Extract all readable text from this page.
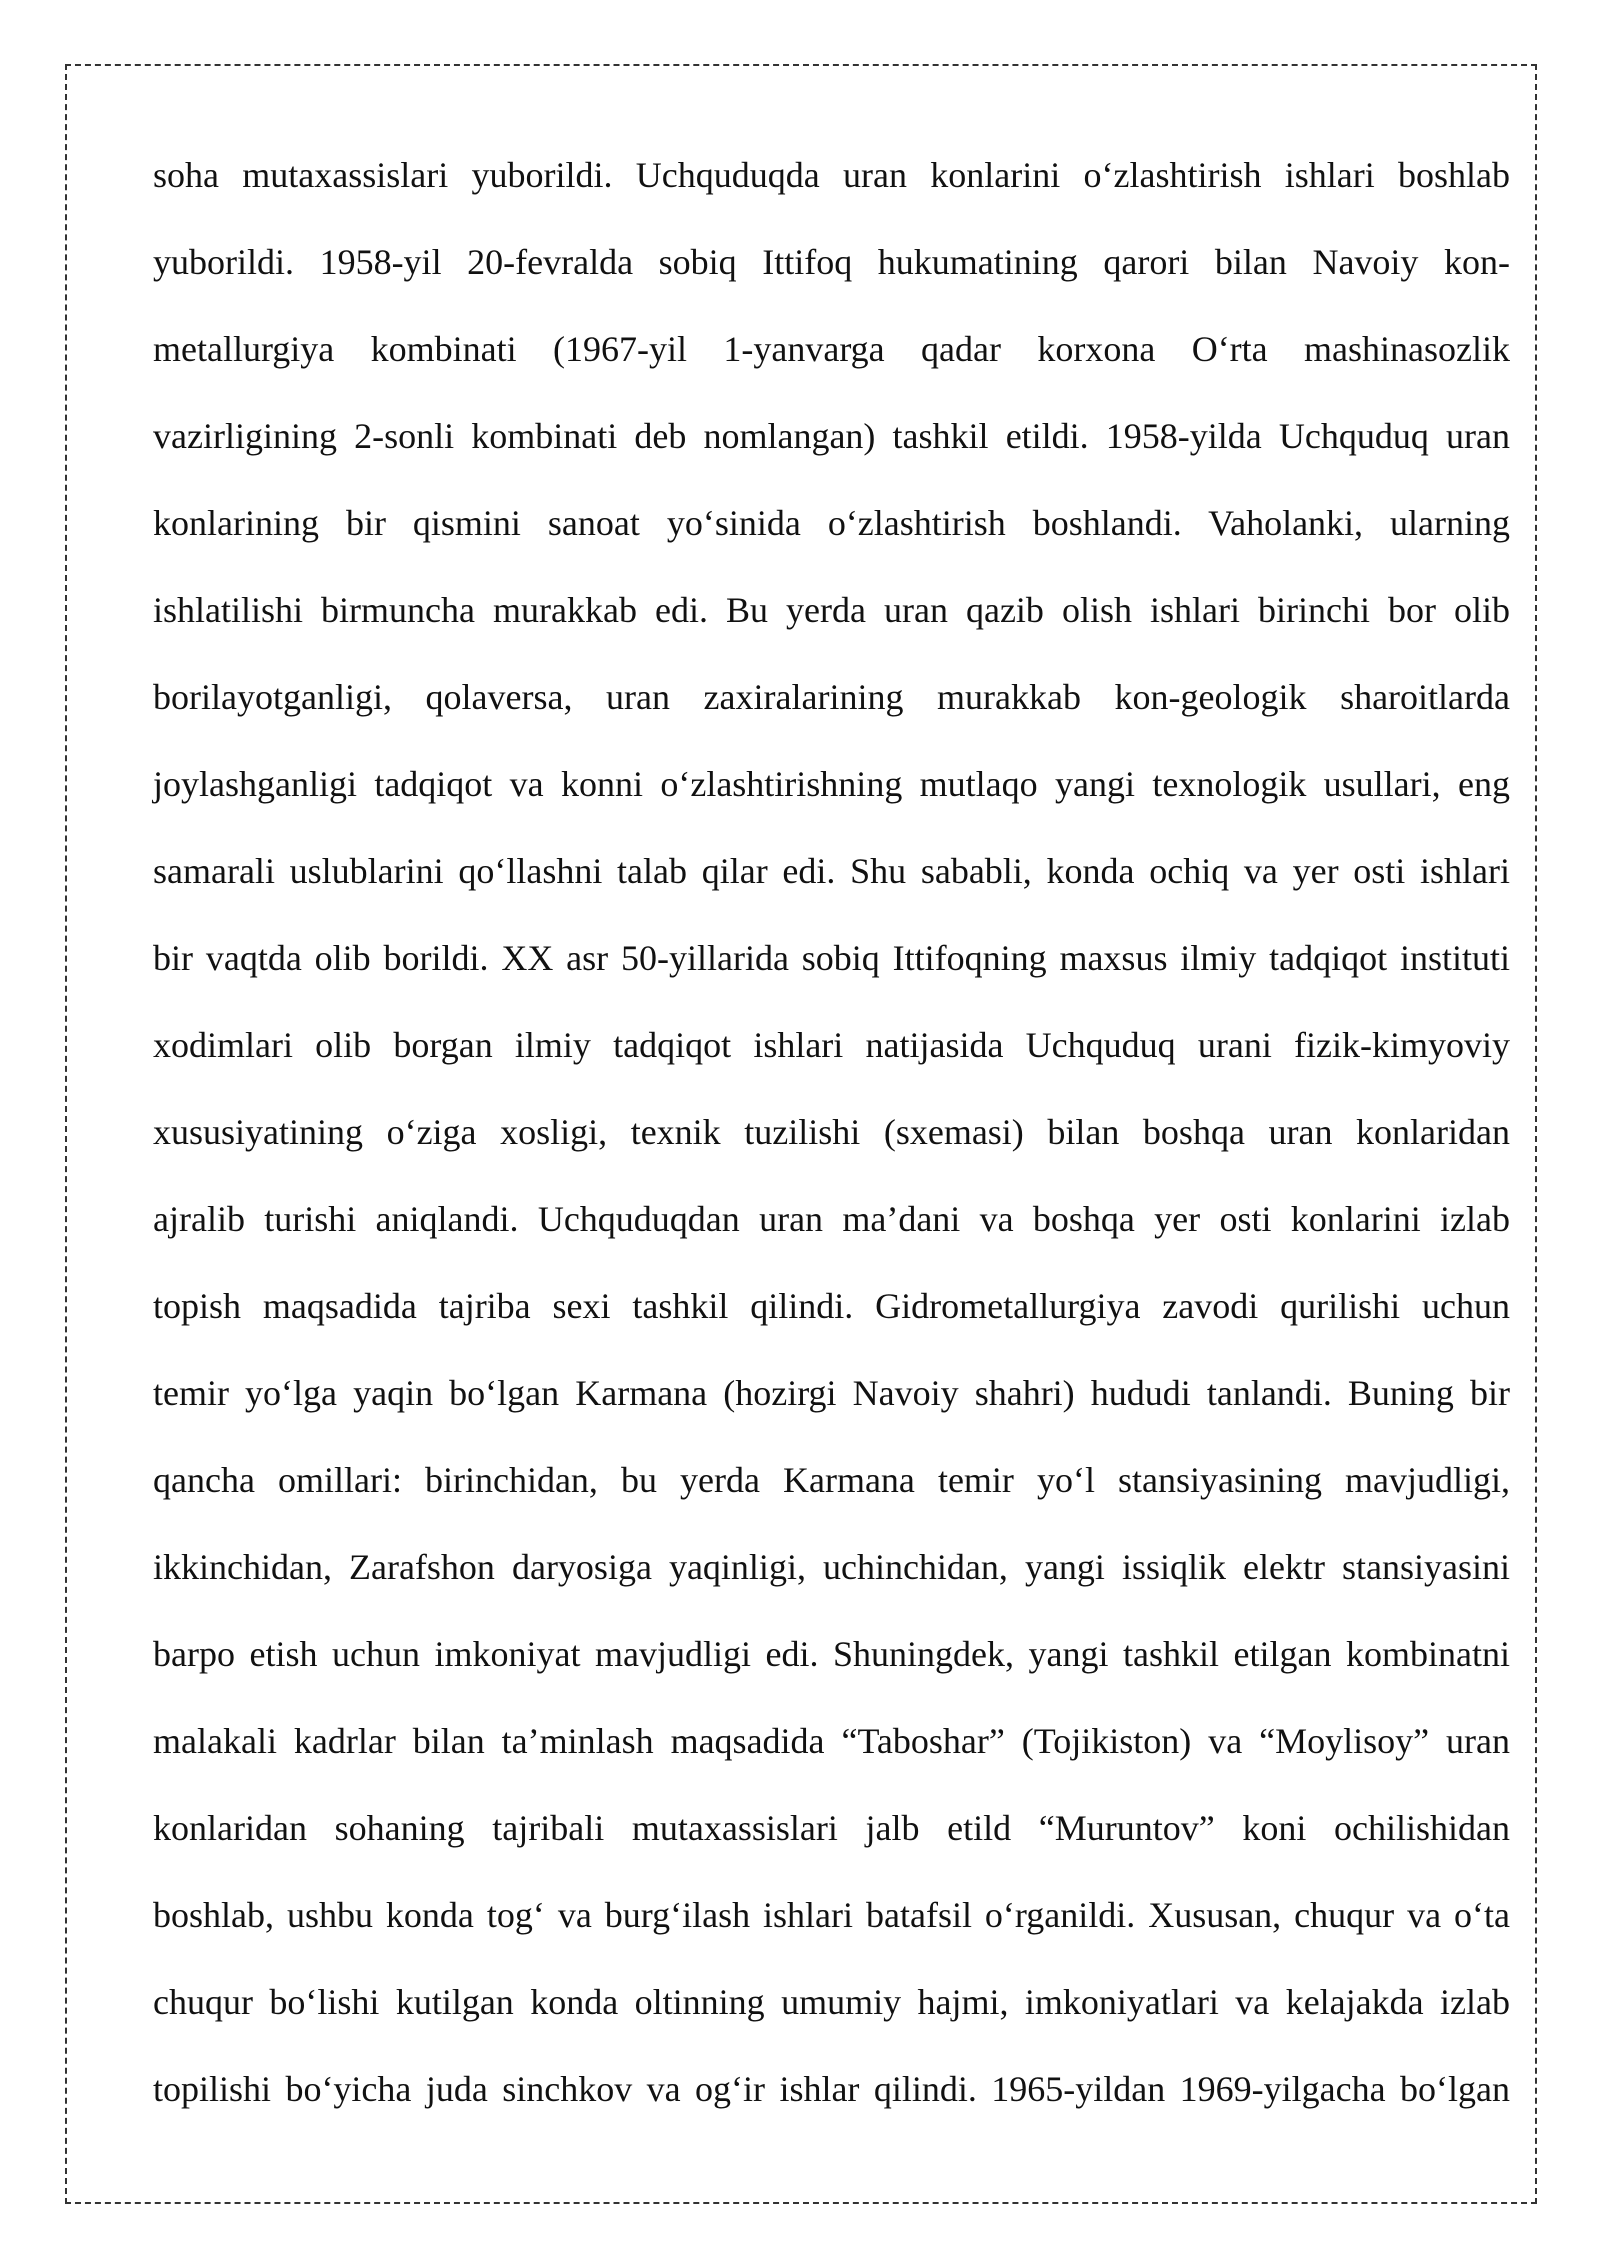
soha mutaxassislari yuborildi. Uchquduqda uran konlarini o‘zlashtirish ishlari boshlab
yuborildi. 1958-yil 20-fevralda sobiq Ittifoq hukumatining qarori bilan Navoiy kon-
metallurgiya kombinati (1967-yil 1-yanvarga qadar korxona O‘rta mashinasozlik
vazirligining 2-sonli kombinati deb nomlangan) tashkil etildi. 1958-yilda Uchquduq uran
konlarining bir qismini sanoat yo‘sinida o‘zlashtirish boshlandi. Vaholanki, ularning
ishlatilishi birmuncha murakkab edi. Bu yerda uran qazib olish ishlari birinchi bor olib
borilayotganligi, qolaversa, uran zaxiralarining murakkab kon-geologik sharoitlarda
joylashganligi tadqiqot va konni o‘zlashtirishning mutlaqo yangi texnologik usullari, eng
samarali uslublarini qo‘llashni talab qilar edi. Shu sababli, konda ochiq va yer osti ishlari
bir vaqtda olib borildi. XX asr 50-yillarida sobiq Ittifoqning maxsus ilmiy tadqiqot instituti
xodimlari olib borgan ilmiy tadqiqot ishlari natijasida Uchquduq urani fizik-kimyoviy
xususiyatining o‘ziga xosligi, texnik tuzilishi (sxemasi) bilan boshqa uran konlaridan
ajralib turishi aniqlandi. Uchquduqdan uran ma’dani va boshqa yer osti konlarini izlab
topish maqsadida tajriba sexi tashkil qilindi. Gidrometallurgiya zavodi qurilishi uchun
temir yo‘lga yaqin bo‘lgan Karmana (hozirgi Navoiy shahri) hududi tanlandi. Buning bir
qancha omillari: birinchidan, bu yerda Karmana temir yo‘l stansiyasining mavjudligi,
ikkinchidan, Zarafshon daryosiga yaqinligi, uchinchidan, yangi issiqlik elektr stansiyasini
barpo etish uchun imkoniyat mavjudligi edi. Shuningdek, yangi tashkil etilgan kombinatni
malakali kadrlar bilan ta’minlash maqsadida “Taboshar” (Tojikiston) va “Moylisoy” uran
konlaridan sohaning tajribali mutaxassislari jalb etild “Muruntov” koni ochilishidan
boshlab, ushbu konda tog‘ va burg‘ilash ishlari batafsil o‘rganildi. Xususan, chuqur va o‘ta
chuqur bo‘lishi kutilgan konda oltinning umumiy hajmi, imkoniyatlari va kelajakda izlab
topilishi bo‘yicha juda sinchkov va og‘ir ishlar qilindi. 1965-yildan 1969-yilgacha bo‘lgan
